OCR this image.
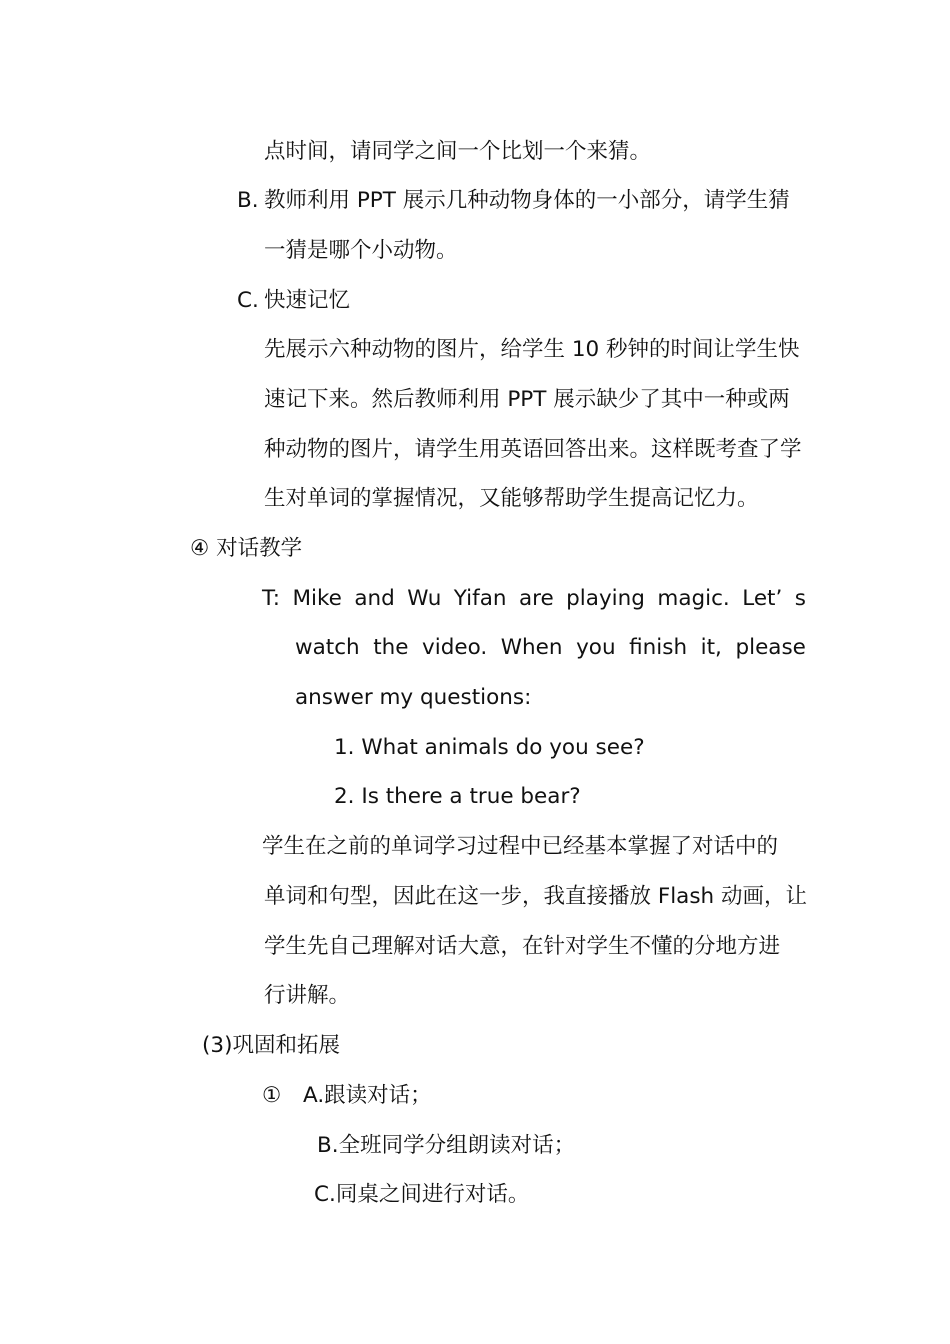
点时间，请同学之间一个比划一个来猜。
B. 教师利用 PPT 展示几种动物身体的一小部分，请学生猜
一猜是哪个小动物。
C. 快速记忆
先展示六种动物的图片，给学生 10 秒钟的时间让学生快
速记下来。然后教师利用 PPT 展示缺少了其中一种或两
种动物的图片，请学生用英语回答出来。这样既考查了学
生对单词的掌握情况，又能够帮助学生提高记忆力。
④ 对话教学
T: Mike and Wu Yifan are playing magic. Let’ s
watch the video. When you finish it, please
answer my questions:
1. What animals do you see?
2. Is there a true bear?
学生在之前的单词学习过程中已经基本掌握了对话中的
单词和句型，因此在这一步，我直接播放 Flash 动画，让
学生先自己理解对话大意，在针对学生不懂的分地方进
行讲解。
(3)巩固和拓展
① A.跟读对话；
B.全班同学分组朗读对话；
C.同桌之间进行对话。
